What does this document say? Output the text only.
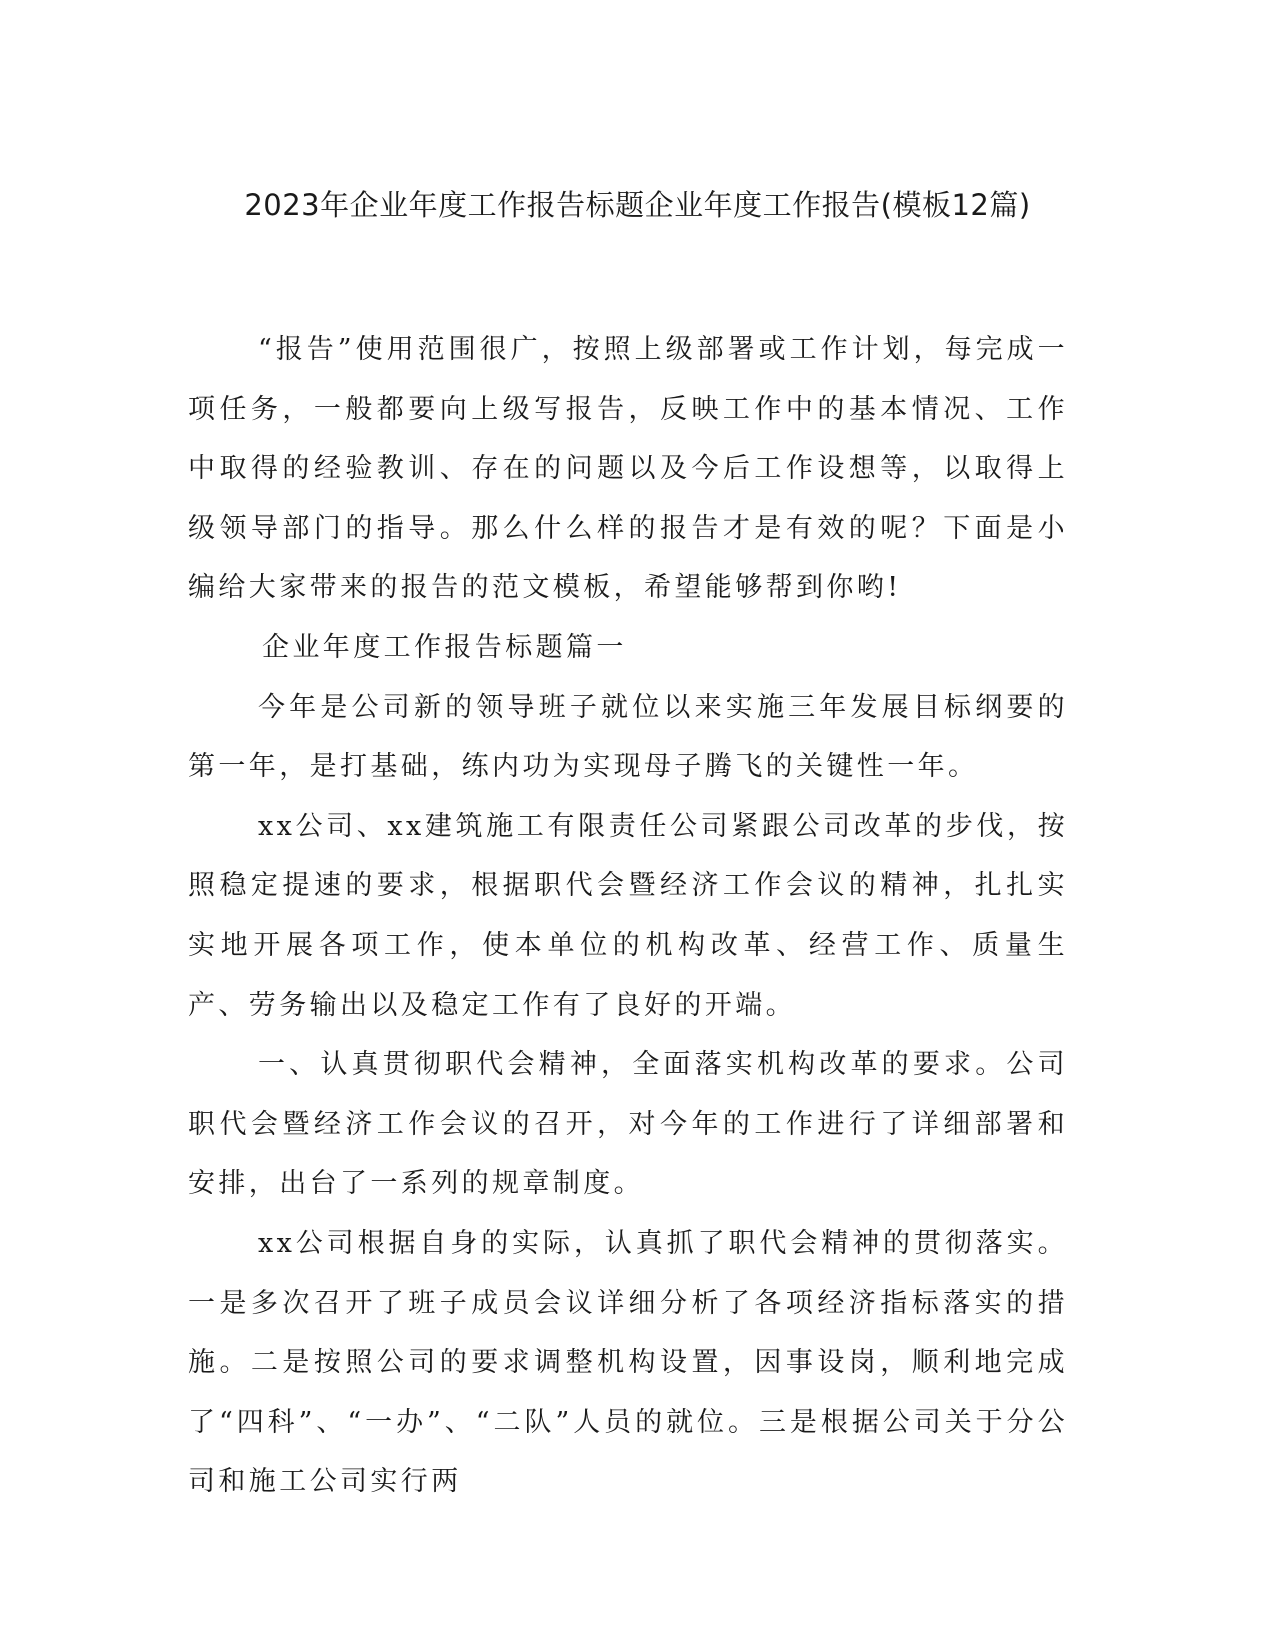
2023年企业年度工作报告标题企业年度工作报告(模板12篇)

“报告”使用范围很广，按照上级部署或工作计划，每完成一项任务，一般都要向上级写报告，反映工作中的基本情况、工作中取得的经验教训、存在的问题以及今后工作设想等，以取得上级领导部门的指导。那么什么样的报告才是有效的呢？下面是小编给大家带来的报告的范文模板，希望能够帮到你哟!

企业年度工作报告标题篇一

今年是公司新的领导班子就位以来实施三年发展目标纲要的第一年，是打基础，练内功为实现母子腾飞的关键性一年。

xx公司、xx建筑施工有限责任公司紧跟公司改革的步伐，按照稳定提速的要求，根据职代会暨经济工作会议的精神，扎扎实实地开展各项工作，使本单位的机构改革、经营工作、质量生产、劳务输出以及稳定工作有了良好的开端。

一、认真贯彻职代会精神，全面落实机构改革的要求。公司职代会暨经济工作会议的召开，对今年的工作进行了详细部署和安排，出台了一系列的规章制度。

xx公司根据自身的实际，认真抓了职代会精神的贯彻落实。一是多次召开了班子成员会议详细分析了各项经济指标落实的措施。二是按照公司的要求调整机构设置，因事设岗，顺利地完成了“四科”、“一办”、“二队”人员的就位。三是根据公司关于分公司和施工公司实行两
